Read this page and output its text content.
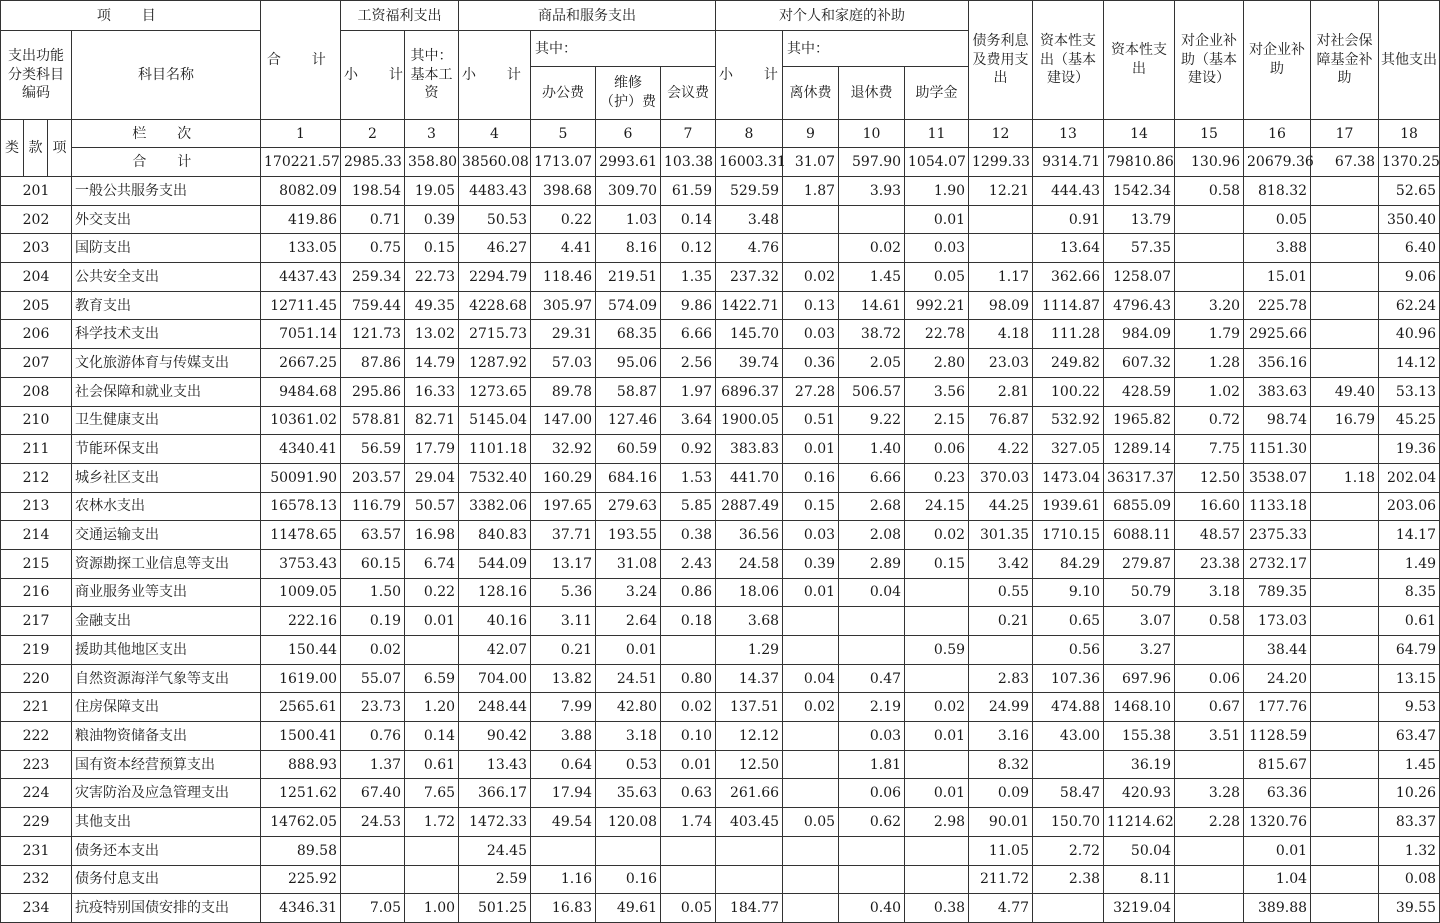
项　目				合　计	工资福利支出		商品和服务支出				对个人和家庭的补助				债务利息及费用支出	资本性支出（基本建设）	资本性支出	对企业补助（基本建设）	对企业补助	对社会保障基金补助	其他支出
支出功能分类科目编码			科目名称		小　计	其中：基本工资	小　计	其中：			小　计	其中：									
								办公费	维修（护）费	会议费		离休费	退休费	助学金							
类	款	项	栏　次	1	2	3	4	5	6	7	8	9	10	11	12	13	14	15	16	17	18
			合　计	170221.57	2985.33	358.80	38560.08	1713.07	2993.61	103.38	16003.31	31.07	597.90	1054.07	1299.33	9314.71	79810.86	130.96	20679.36	67.38	1370.25
201			一般公共服务支出	8082.09	198.54	19.05	4483.43	398.68	309.70	61.59	529.59	1.87	3.93	1.90	12.21	444.43	1542.34	0.58	818.32		52.65
202			外交支出	419.86	0.71	0.39	50.53	0.22	1.03	0.14	3.48			0.01		0.91	13.79		0.05		350.40
203			国防支出	133.05	0.75	0.15	46.27	4.41	8.16	0.12	4.76		0.02	0.03		13.64	57.35		3.88		6.40
204			公共安全支出	4437.43	259.34	22.73	2294.79	118.46	219.51	1.35	237.32	0.02	1.45	0.05	1.17	362.66	1258.07		15.01		9.06
205			教育支出	12711.45	759.44	49.35	4228.68	305.97	574.09	9.86	1422.71	0.13	14.61	992.21	98.09	1114.87	4796.43	3.20	225.78		62.24
206			科学技术支出	7051.14	121.73	13.02	2715.73	29.31	68.35	6.66	145.70	0.03	38.72	22.78	4.18	111.28	984.09	1.79	2925.66		40.96
207			文化旅游体育与传媒支出	2667.25	87.86	14.79	1287.92	57.03	95.06	2.56	39.74	0.36	2.05	2.80	23.03	249.82	607.32	1.28	356.16		14.12
208			社会保障和就业支出	9484.68	295.86	16.33	1273.65	89.78	58.87	1.97	6896.37	27.28	506.57	3.56	2.81	100.22	428.59	1.02	383.63	49.40	53.13
210			卫生健康支出	10361.02	578.81	82.71	5145.04	147.00	127.46	3.64	1900.05	0.51	9.22	2.15	76.87	532.92	1965.82	0.72	98.74	16.79	45.25
211			节能环保支出	4340.41	56.59	17.79	1101.18	32.92	60.59	0.92	383.83	0.01	1.40	0.06	4.22	327.05	1289.14	7.75	1151.30		19.36
212			城乡社区支出	50091.90	203.57	29.04	7532.40	160.29	684.16	1.53	441.70	0.16	6.66	0.23	370.03	1473.04	36317.37	12.50	3538.07	1.18	202.04
213			农林水支出	16578.13	116.79	50.57	3382.06	197.65	279.63	5.85	2887.49	0.15	2.68	24.15	44.25	1939.61	6855.09	16.60	1133.18		203.06
214			交通运输支出	11478.65	63.57	16.98	840.83	37.71	193.55	0.38	36.56	0.03	2.08	0.02	301.35	1710.15	6088.11	48.57	2375.33		14.17
215			资源勘探工业信息等支出	3753.43	60.15	6.74	544.09	13.17	31.08	2.43	24.58	0.39	2.89	0.15	3.42	84.29	279.87	23.38	2732.17		1.49
216			商业服务业等支出	1009.05	1.50	0.22	128.16	5.36	3.24	0.86	18.06	0.01	0.04		0.55	9.10	50.79	3.18	789.35		8.35
217			金融支出	222.16	0.19	0.01	40.16	3.11	2.64	0.18	3.68				0.21	0.65	3.07	0.58	173.03		0.61
219			援助其他地区支出	150.44	0.02		42.07	0.21	0.01		1.29			0.59		0.56	3.27		38.44		64.79
220			自然资源海洋气象等支出	1619.00	55.07	6.59	704.00	13.82	24.51	0.80	14.37	0.04	0.47		2.83	107.36	697.96	0.06	24.20		13.15
221			住房保障支出	2565.61	23.73	1.20	248.44	7.99	42.80	0.02	137.51	0.02	2.19	0.02	24.99	474.88	1468.10	0.67	177.76		9.53
222			粮油物资储备支出	1500.41	0.76	0.14	90.42	3.88	3.18	0.10	12.12		0.03	0.01	3.16	43.00	155.38	3.51	1128.59		63.47
223			国有资本经营预算支出	888.93	1.37	0.61	13.43	0.64	0.53	0.01	12.50		1.81		8.32		36.19		815.67		1.45
224			灾害防治及应急管理支出	1251.62	67.40	7.65	366.17	17.94	35.63	0.63	261.66		0.06	0.01	0.09	58.47	420.93	3.28	63.36		10.26
229			其他支出	14762.05	24.53	1.72	1472.33	49.54	120.08	1.74	403.45	0.05	0.62	2.98	90.01	150.70	11214.62	2.28	1320.76		83.37
231			债务还本支出	89.58			24.45								11.05	2.72	50.04		0.01		1.32
232			债务付息支出	225.92			2.59	1.16	0.16						211.72	2.38	8.11		1.04		0.08
234			抗疫特别国债安排的支出	4346.31	7.05	1.00	501.25	16.83	49.61	0.05	184.77		0.40	0.38	4.77		3219.04		389.88		39.55
